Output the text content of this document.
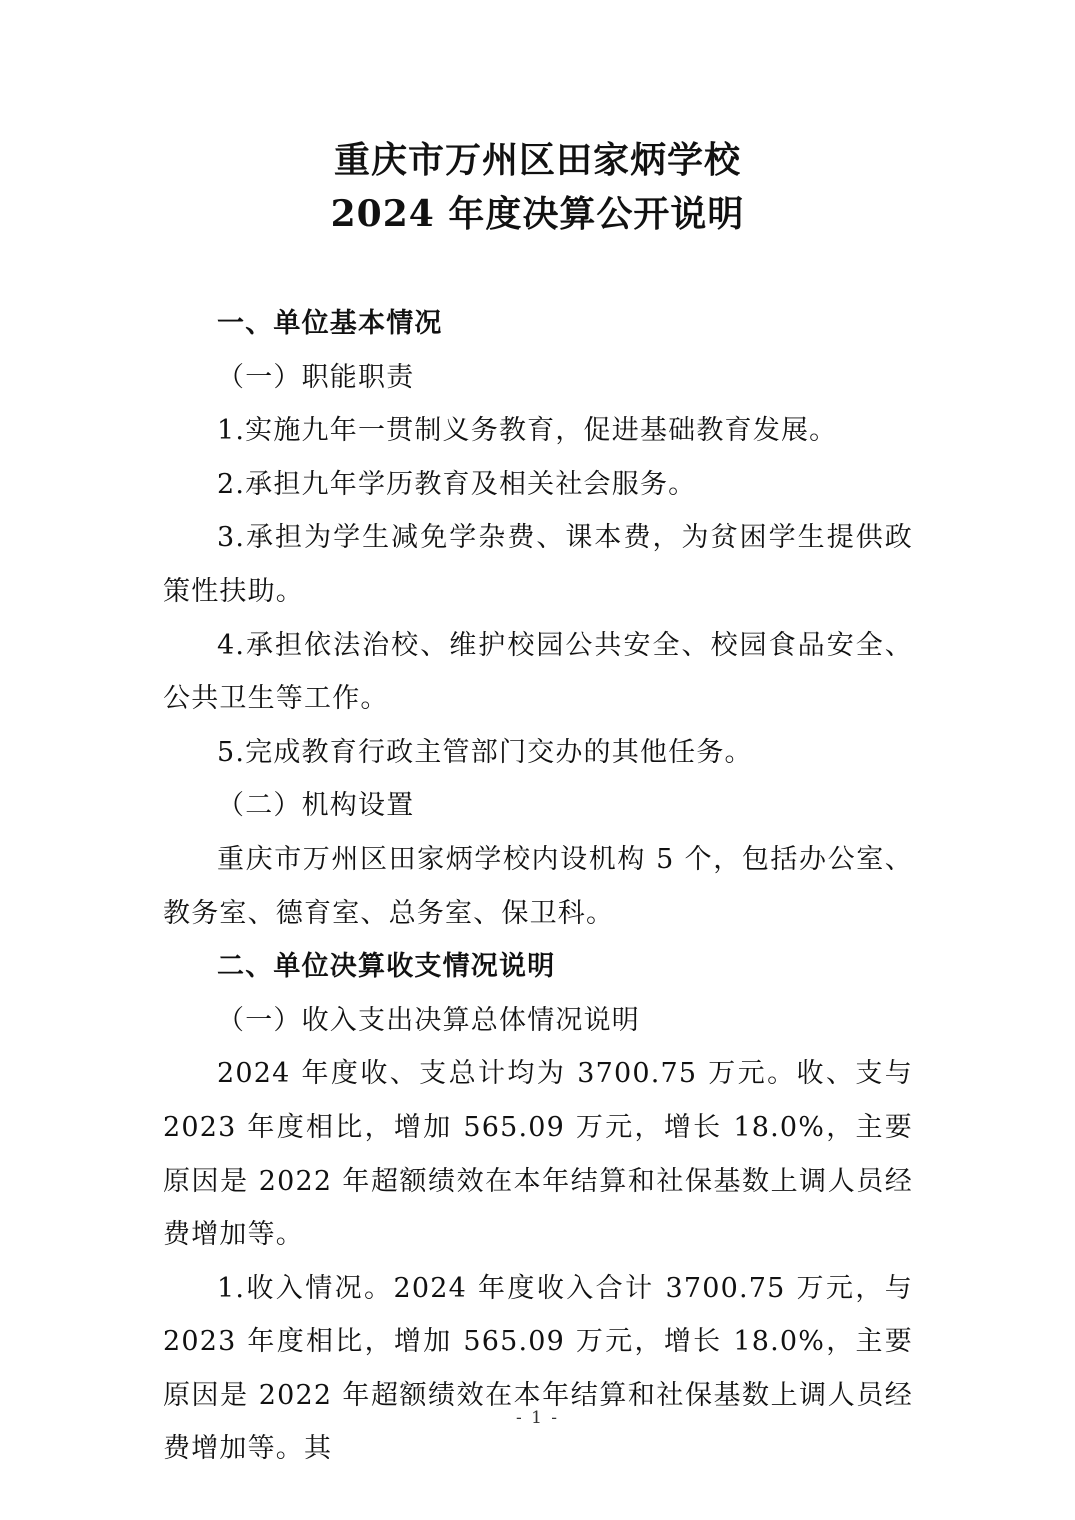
重庆市万州区田家炳学校
2024 年度决算公开说明

一、单位基本情况

（一）职能职责

1.实施九年一贯制义务教育，促进基础教育发展。

2.承担九年学历教育及相关社会服务。

3.承担为学生减免学杂费、课本费，为贫困学生提供政策性扶助。

4.承担依法治校、维护校园公共安全、校园食品安全、公共卫生等工作。

5.完成教育行政主管部门交办的其他任务。

（二）机构设置

重庆市万州区田家炳学校内设机构 5 个，包括办公室、教务室、德育室、总务室、保卫科。

二、单位决算收支情况说明

（一）收入支出决算总体情况说明

2024 年度收、支总计均为 3700.75 万元。收、支与 2023 年度相比，增加 565.09 万元，增长 18.0%，主要原因是 2022 年超额绩效在本年结算和社保基数上调人员经费增加等。

1.收入情况。2024 年度收入合计 3700.75 万元，与 2023 年度相比，增加 565.09 万元，增长 18.0%，主要原因是 2022 年超额绩效在本年结算和社保基数上调人员经费增加等。其

- 1 -
